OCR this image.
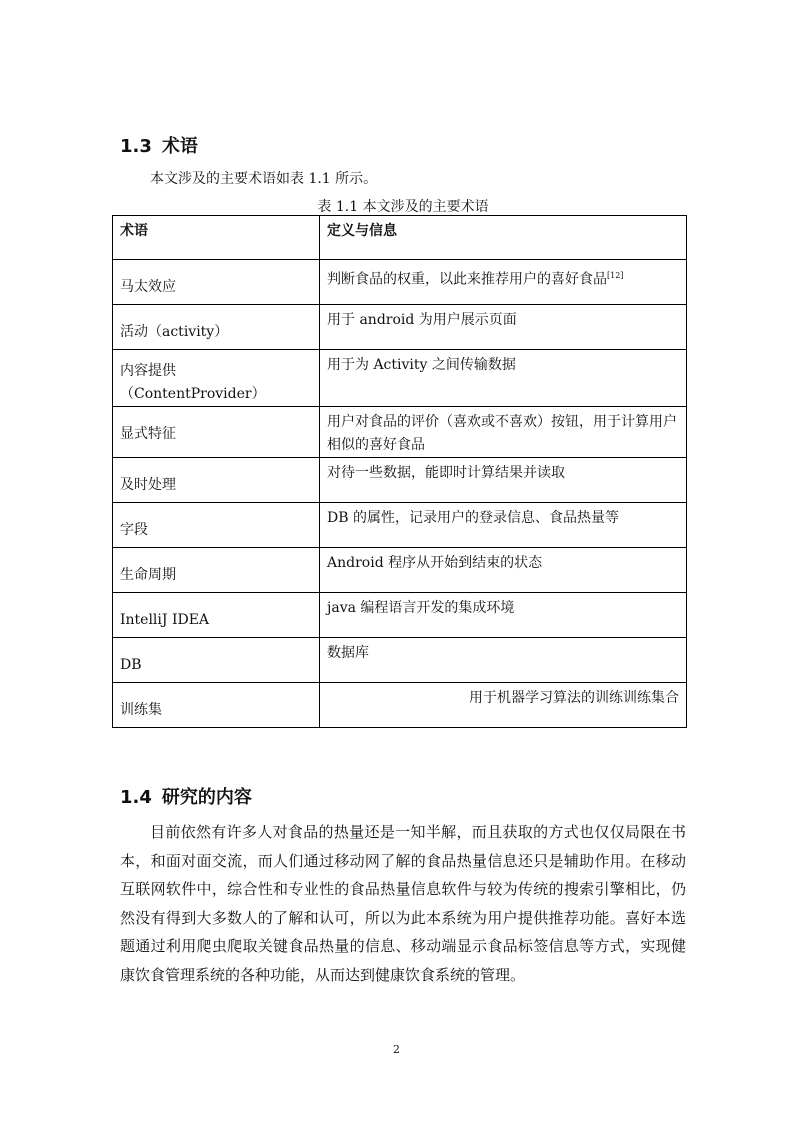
1.3 术语

本文涉及的主要术语如表 1.1 所示。

表 1.1 本文涉及的主要术语

术语	定义与信息
马太效应	判断食品的权重，以此来推荐用户的喜好食品[12]
活动（activity）	用于 android 为用户展示页面
内容提供（ContentProvider）	用于为 Activity 之间传输数据
显式特征	用户对食品的评价（喜欢或不喜欢）按钮，用于计算用户相似的喜好食品
及时处理	对待一些数据，能即时计算结果并读取
字段	DB 的属性，记录用户的登录信息、食品热量等
生命周期	Android 程序从开始到结束的状态
IntelliJ IDEA	java 编程语言开发的集成环境
DB	数据库
训练集	用于机器学习算法的训练训练集合
1.4 研究的内容

目前依然有许多人对食品的热量还是一知半解，而且获取的方式也仅仅局限在书本，和面对面交流，而人们通过移动网了解的食品热量信息还只是辅助作用。在移动互联网软件中，综合性和专业性的食品热量信息软件与较为传统的搜索引擎相比，仍然没有得到大多数人的了解和认可，所以为此本系统为用户提供推荐功能。喜好本选题通过利用爬虫爬取关键食品热量的信息、移动端显示食品标签信息等方式，实现健康饮食管理系统的各种功能，从而达到健康饮食系统的管理。

2
